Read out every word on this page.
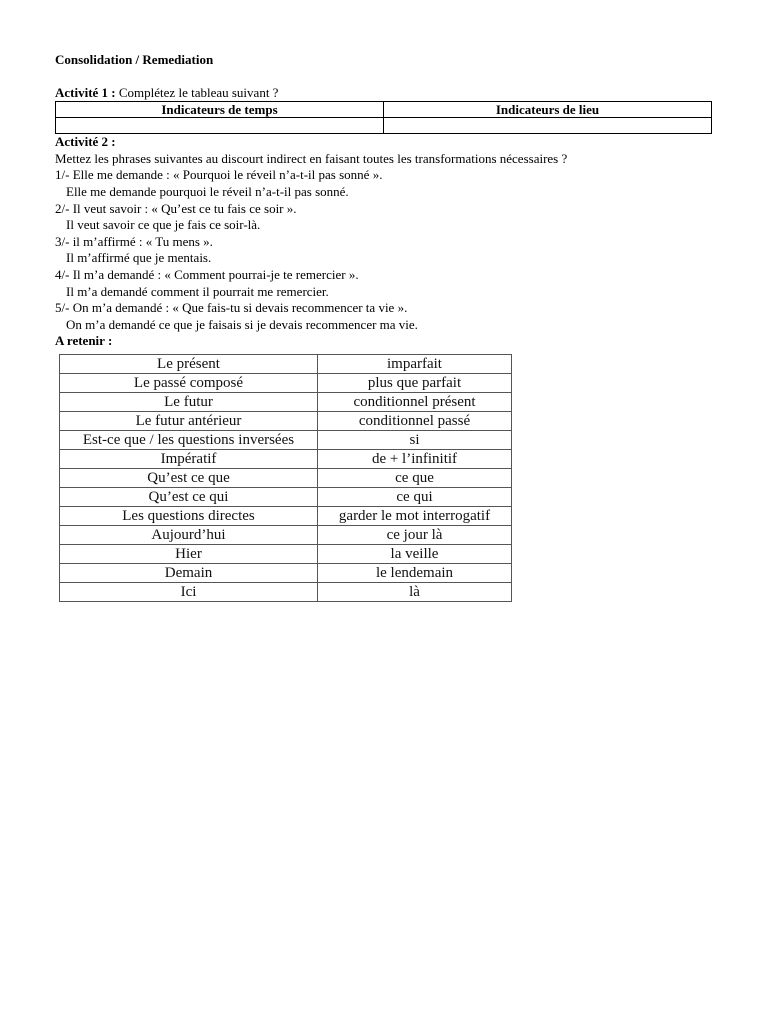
Consolidation / Remediation
Activité 1 : Complétez le tableau suivant ?
Indicateurs de temps	Indicateurs de lieu

Activité 2 :
Mettez les phrases suivantes au discourt indirect en faisant toutes les transformations nécessaires ?
1/- Elle me demande : « Pourquoi le réveil n’a-t-il pas sonné ».
Elle me demande pourquoi le réveil n’a-t-il pas sonné.
2/- Il veut savoir : « Qu’est ce tu fais ce soir ».
Il veut savoir ce que je fais ce soir-là.
3/- il m’affirmé : « Tu mens ».
Il m’affirmé que je mentais.
4/- Il m’a demandé : « Comment pourrai-je te remercier ».
Il m’a demandé comment il pourrait me remercier.
5/- On m’a demandé : « Que fais-tu si devais recommencer ta vie ».
On m’a demandé ce que je faisais si je devais recommencer ma vie.
A retenir :
Le présent	imparfait
Le passé composé	plus que parfait
Le futur	conditionnel présent
Le futur antérieur	conditionnel passé
Est-ce que / les questions inversées	si
Impératif	de + l’infinitif
Qu’est ce que	ce que
Qu’est ce qui	ce qui
Les questions directes	garder le mot interrogatif
Aujourd’hui	ce jour là
Hier	la veille
Demain	le lendemain
Ici	là
